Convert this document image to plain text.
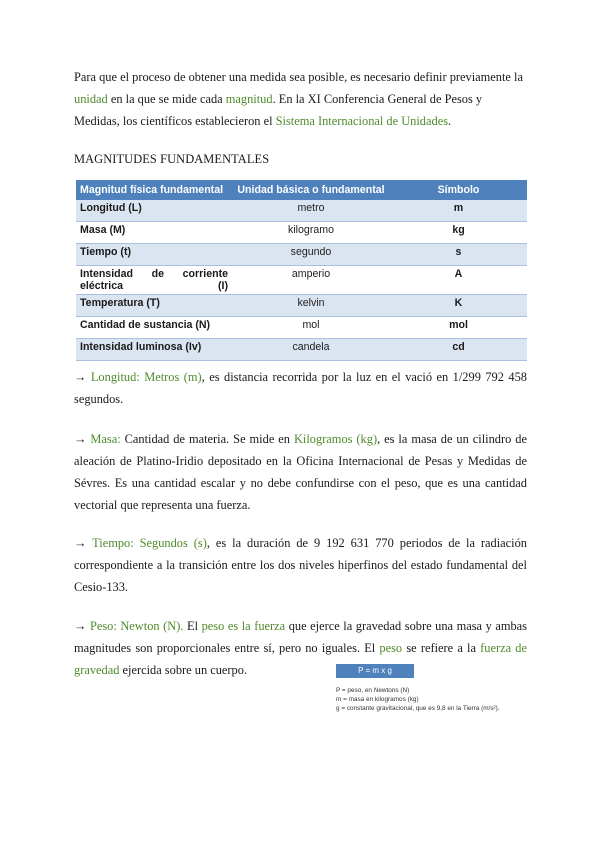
Para que el proceso de obtener una medida sea posible, es necesario definir previamente la unidad en la que se mide cada magnitud. En la XI Conferencia General de Pesos y Medidas, los científicos establecieron el Sistema Internacional de Unidades.

MAGNITUDES FUNDAMENTALES
Magnitud física fundamental	Unidad básica o fundamental	Símbolo
Longitud (L)	metro	m
Masa (M)	kilogramo	kg
Tiempo (t)	segundo	s
Intensidad de corriente eléctrica (I)	amperio	A
Temperatura (T)	kelvin	K
Cantidad de sustancia (N)	mol	mol
Intensidad luminosa (Iv)	candela	cd

→ Longitud: Metros (m), es distancia recorrida por la luz en el vació en 1/299 792 458 segundos.

→ Masa: Cantidad de materia. Se mide en Kilogramos (kg), es la masa de un cilindro de aleación de Platino-Iridio depositado en la Oficina Internacional de Pesas y Medidas de Sévres. Es una cantidad escalar y no debe confundirse con el peso, que es una cantidad vectorial que representa una fuerza.

→ Tiempo: Segundos (s), es la duración de 9 192 631 770 periodos de la radiación correspondiente a la transición entre los dos niveles hiperfinos del estado fundamental del Cesio-133.

→ Peso: Newton (N). El peso es la fuerza que ejerce la gravedad sobre una masa y ambas magnitudes son proporcionales entre sí, pero no iguales. El peso se refiere a la fuerza de gravedad ejercida sobre un cuerpo.	P = m x g
P = peso, en Newtons (N)
m = masa en kilogramos (kg)
g = constante gravitacional, que es 9,8 en la Tierra (m/s²).
